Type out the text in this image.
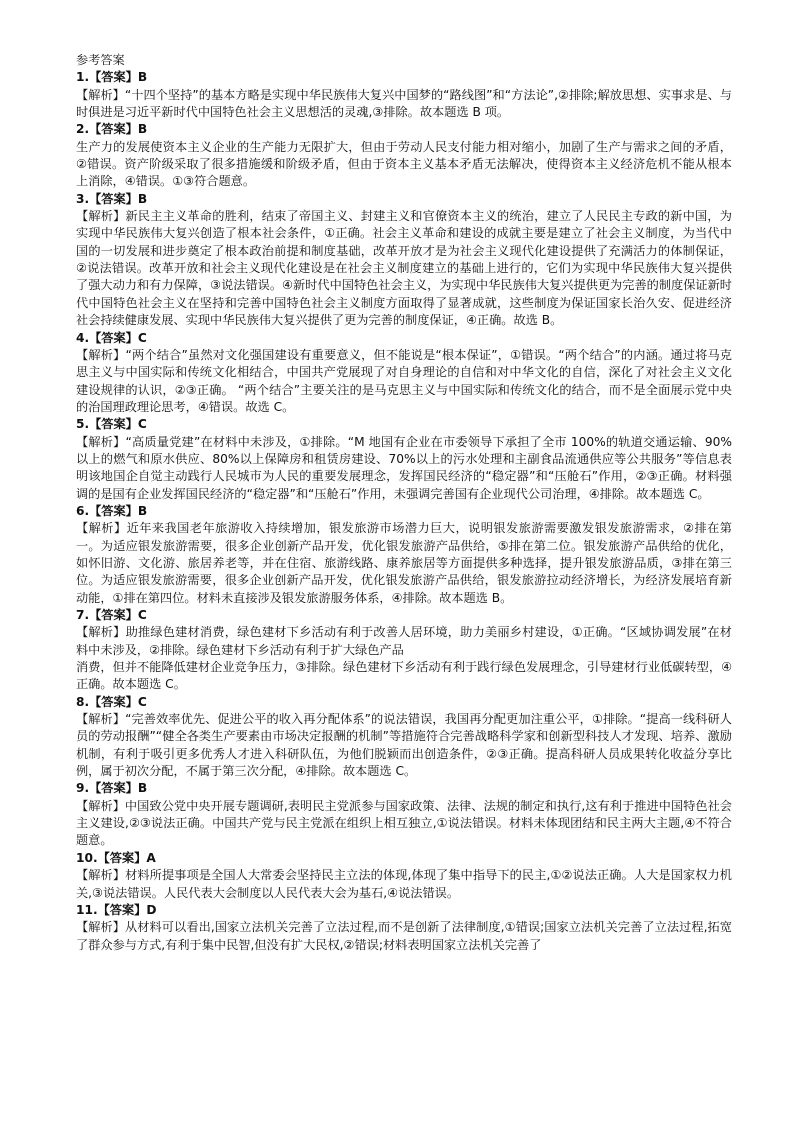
参考答案

1.【答案】B

【解析】“十四个坚持”的基本方略是实现中华民族伟大复兴中国梦的“路线图”和“方法论”,②排除;解放思想、实事求是、与时俱进是习近平新时代中国特色社会主义思想活的灵魂,③排除。故本题选 B 项。

2.【答案】B

生产力的发展使资本主义企业的生产能力无限扩大，但由于劳动人民支付能力相对缩小，加剧了生产与需求之间的矛盾，②错误。资产阶级采取了很多措施缓和阶级矛盾，但由于资本主义基本矛盾无法解决，使得资本主义经济危机不能从根本上消除，④错误。①③符合题意。

3.【答案】B

【解析】新民主主义革命的胜利，结束了帝国主义、封建主义和官僚资本主义的统治，建立了人民民主专政的新中国，为实现中华民族伟大复兴创造了根本社会条件，①正确。社会主义革命和建设的成就主要是建立了社会主义制度，为当代中国的一切发展和进步奠定了根本政治前提和制度基础，改革开放才是为社会主义现代化建设提供了充满活力的体制保证，②说法错误。改革开放和社会主义现代化建设是在社会主义制度建立的基础上进行的，它们为实现中华民族伟大复兴提供了强大动力和有力保障，③说法错误。④新时代中国特色社会主义，为实现中华民族伟大复兴提供更为完善的制度保证新时代中国特色社会主义在坚持和完善中国特色社会主义制度方面取得了显著成就，这些制度为保证国家长治久安、促进经济社会持续健康发展、实现中华民族伟大复兴提供了更为完善的制度保证，④正确。故选 B。

4.【答案】C

【解析】“两个结合”虽然对文化强国建设有重要意义，但不能说是“根本保证”，①错误。“两个结合”的内涵。通过将马克思主义与中国实际和传统文化相结合，中国共产党展现了对自身理论的自信和对中华文化的自信，深化了对社会主义文化建设规律的认识，②③正确。 “两个结合”主要关注的是马克思主义与中国实际和传统文化的结合，而不是全面展示党中央的治国理政理论思考，④错误。故选 C。

5.【答案】C

【解析】“高质量党建”在材料中未涉及，①排除。“M 地国有企业在市委领导下承担了全市 100%的轨道交通运输、90%以上的燃气和原水供应、80%以上保障房和租赁房建设、70%以上的污水处理和主副食品流通供应等公共服务”等信息表明该地国企自觉主动践行人民城市为人民的重要发展理念，发挥国民经济的“稳定器”和“压舱石”作用，②③正确。材料强调的是国有企业发挥国民经济的“稳定器”和“压舱石”作用，未强调完善国有企业现代公司治理，④排除。故本题选 C。

6.【答案】B

【解析】近年来我国老年旅游收入持续增加，银发旅游市场潜力巨大，说明银发旅游需要激发银发旅游需求，②排在第一。为适应银发旅游需要，很多企业创新产品开发，优化银发旅游产品供给，⑤排在第二位。银发旅游产品供给的优化，如怀旧游、文化游、旅居养老等，并在住宿、旅游线路、康养旅居等方面提供多种选择，提升银发旅游品质，③排在第三位。为适应银发旅游需要，很多企业创新产品开发，优化银发旅游产品供给，银发旅游拉动经济增长，为经济发展培育新动能，①排在第四位。材料未直接涉及银发旅游服务体系，④排除。故本题选 B。

7.【答案】C

【解析】助推绿色建材消费，绿色建材下乡活动有利于改善人居环境，助力美丽乡村建设，①正确。“区域协调发展”在材料中未涉及，②排除。绿色建材下乡活动有利于扩大绿色产品

消费，但并不能降低建材企业竞争压力，③排除。绿色建材下乡活动有利于践行绿色发展理念，引导建材行业低碳转型，④正确。故本题选 C。

8.【答案】C

【解析】“完善效率优先、促进公平的收入再分配体系”的说法错误，我国再分配更加注重公平，①排除。“提高一线科研人员的劳动报酬”“健全各类生产要素由市场决定报酬的机制”等措施符合完善战略科学家和创新型科技人才发现、培养、激励机制，有利于吸引更多优秀人才进入科研队伍，为他们脱颖而出创造条件，②③正确。提高科研人员成果转化收益分享比例，属于初次分配，不属于第三次分配，④排除。故本题选 C。

9.【答案】B

【解析】中国致公党中央开展专题调研,表明民主党派参与国家政策、法律、法规的制定和执行,这有利于推进中国特色社会主义建设,②③说法正确。中国共产党与民主党派在组织上相互独立,①说法错误。材料未体现团结和民主两大主题,④不符合题意。

10.【答案】A

【解析】材料所提事项是全国人大常委会坚持民主立法的体现,体现了集中指导下的民主,①②说法正确。人大是国家权力机关,③说法错误。人民代表大会制度以人民代表大会为基石,④说法错误。

11.【答案】D

【解析】从材料可以看出,国家立法机关完善了立法过程,而不是创新了法律制度,①错误;国家立法机关完善了立法过程,拓宽了群众参与方式,有利于集中民智,但没有扩大民权,②错误;材料表明国家立法机关完善了
